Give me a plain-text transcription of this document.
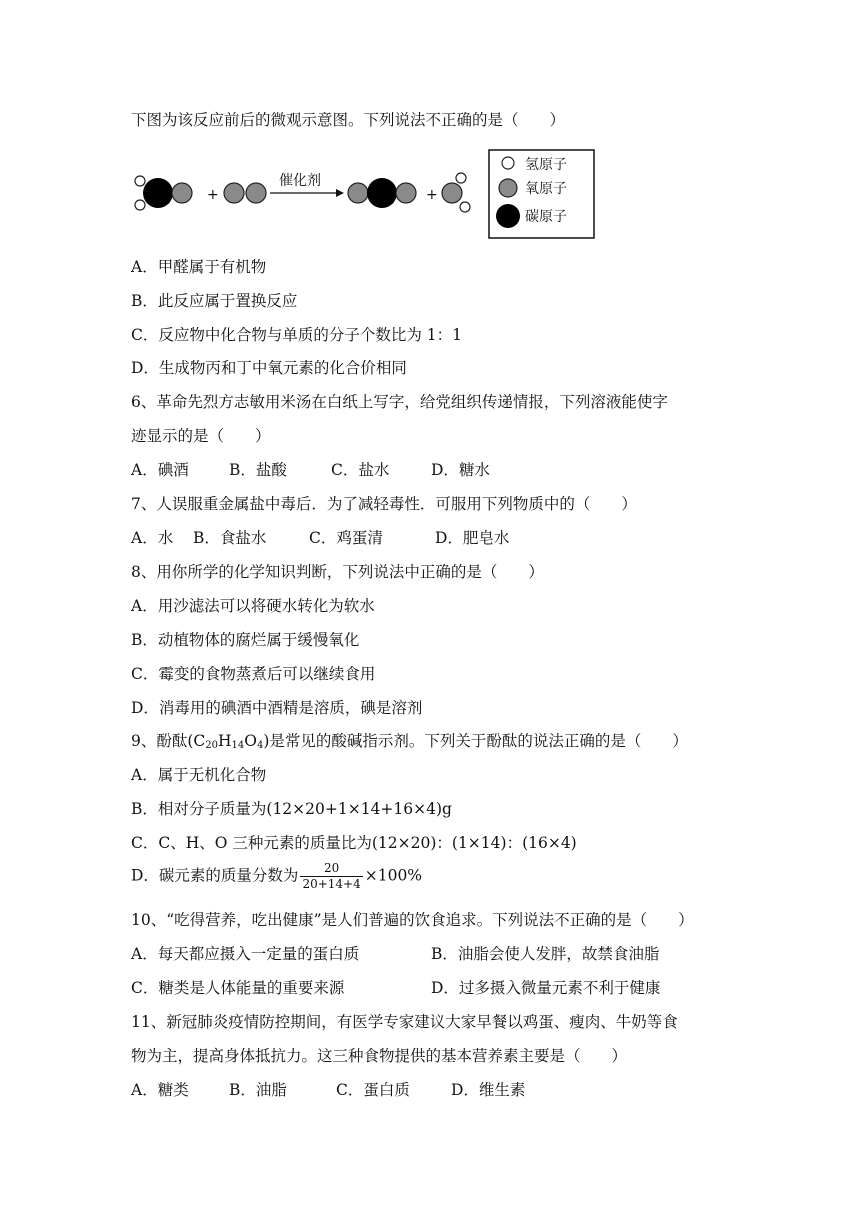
下图为该反应前后的微观示意图。下列说法不正确的是（　　）
+
催化剂
+
氢原子
氧原子
碳原子
A．甲醛属于有机物
B．此反应属于置换反应
C．反应物中化合物与单质的分子个数比为 1：1
D．生成物丙和丁中氧元素的化合价相同
6、革命先烈方志敏用米汤在白纸上写字，给党组织传递情报，下列溶液能使字
迹显示的是（　　）
A．碘酒	B．盐酸	C．盐水	D．糖水
7、人误服重金属盐中毒后．为了减轻毒性．可服用下列物质中的（　　）
A．水 B．食盐水	C．鸡蛋清	D．肥皂水
8、用你所学的化学知识判断，下列说法中正确的是（　　）
A．用沙滤法可以将硬水转化为软水
B．动植物体的腐烂属于缓慢氧化
C．霉变的食物蒸煮后可以继续食用
D．消毒用的碘酒中酒精是溶质，碘是溶剂
9、酚酞$(C_{20}H_{14}O_4)$是常见的酸碱指示剂。下列关于酚酞的说法正确的是（　　）
A．属于无机化合物
B．相对分子质量为(12×20+1×14+16×4)g
C．C、H、O 三种元素的质量比为(12×20)：(1×14)：(16×4)
D．碳元素的质量分数为 $\frac{20}{20+14+4} \times 100\%$
10、“吃得营养，吃出健康”是人们普遍的饮食追求。下列说法不正确的是（　　）
A．每天都应摄入一定量的蛋白质	B．油脂会使人发胖，故禁食油脂
C．糖类是人体能量的重要来源	D．过多摄入微量元素不利于健康
11、新冠肺炎疫情防控期间，有医学专家建议大家早餐以鸡蛋、瘦肉、牛奶等食
物为主，提高身体抵抗力。这三种食物提供的基本营养素主要是（　　）
A．糖类	B．油脂	C．蛋白质	D．维生素
